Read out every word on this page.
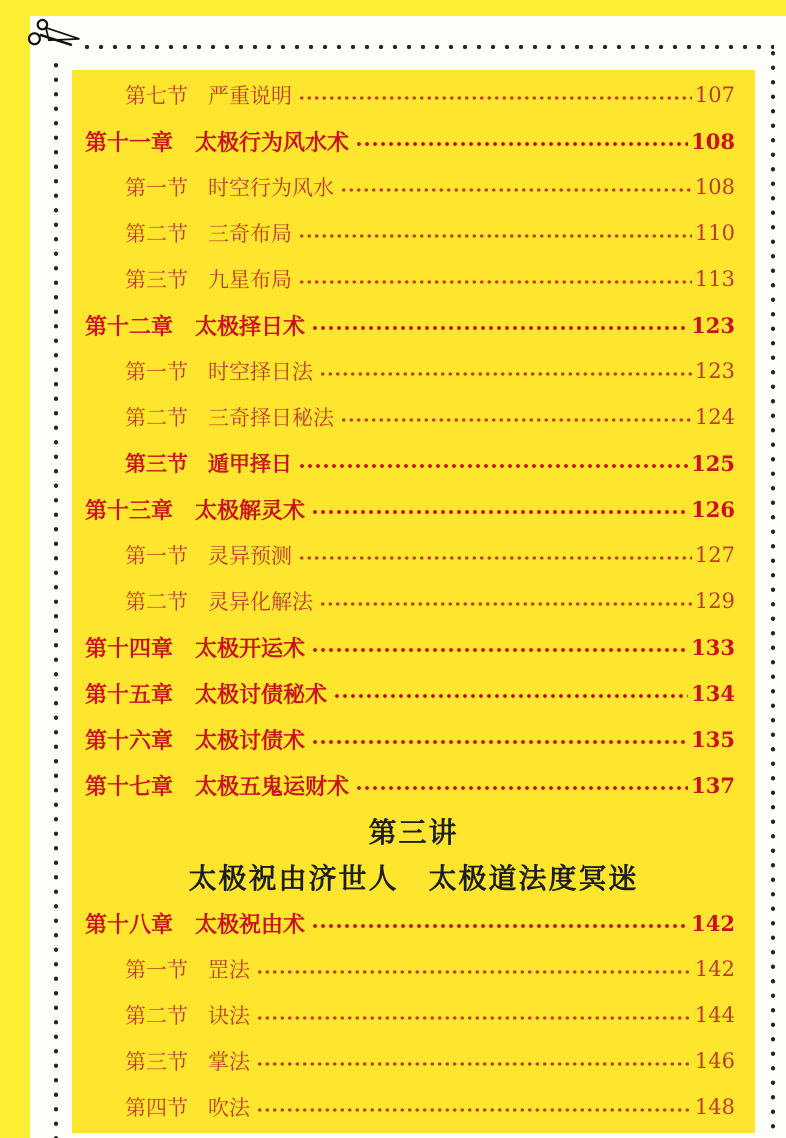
第七节 严重说明	107
第十一章 太极行为风水术	108
第一节 时空行为风水	108
第二节 三奇布局	110
第三节 九星布局	113
第十二章 太极择日术	123
第一节 时空择日法	123
第二节 三奇择日秘法	124
第三节 遁甲择日	125
第十三章 太极解灵术	126
第一节 灵异预测	127
第二节 灵异化解法	129
第十四章 太极开运术	133
第十五章 太极讨债秘术	134
第十六章 太极讨债术	135
第十七章 太极五鬼运财术	137
第三讲
太极祝由济世人　太极道法度冥迷
第十八章 太极祝由术	142
第一节 罡法	142
第二节 诀法	144
第三节 掌法	146
第四节 吹法	148
